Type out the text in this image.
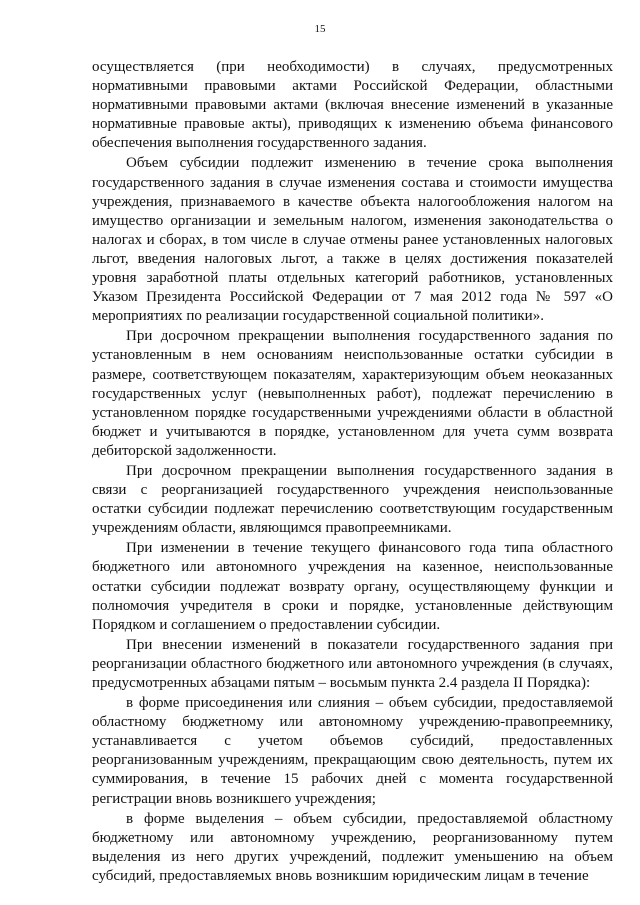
15

осуществляется (при необходимости) в случаях, предусмотренных нормативными правовыми актами Российской Федерации, областными нормативными правовыми актами (включая внесение изменений в указанные нормативные правовые акты), приводящих к изменению объема финансового обеспечения выполнения государственного задания.

Объем субсидии подлежит изменению в течение срока выполнения государственного задания в случае изменения состава и стоимости имущества учреждения, признаваемого в качестве объекта налогообложения налогом на имущество организации и земельным налогом, изменения законодательства о налогах и сборах, в том числе в случае отмены ранее установленных налоговых льгот, введения налоговых льгот, а также в целях достижения показателей уровня заработной платы отдельных категорий работников, установленных Указом Президента Российской Федерации от 7 мая 2012 года № 597 «О мероприятиях по реализации государственной социальной политики».

При досрочном прекращении выполнения государственного задания по установленным в нем основаниям неиспользованные остатки субсидии в размере, соответствующем показателям, характеризующим объем неоказанных государственных услуг (невыполненных работ), подлежат перечислению в установленном порядке государственными учреждениями области в областной бюджет и учитываются в порядке, установленном для учета сумм возврата дебиторской задолженности.

При досрочном прекращении выполнения государственного задания в связи с реорганизацией государственного учреждения неиспользованные остатки субсидии подлежат перечислению соответствующим государственным учреждениям области, являющимся правопреемниками.

При изменении в течение текущего финансового года типа областного бюджетного или автономного учреждения на казенное, неиспользованные остатки субсидии подлежат возврату органу, осуществляющему функции и полномочия учредителя в сроки и порядке, установленные действующим Порядком и соглашением о предоставлении субсидии.

При внесении изменений в показатели государственного задания при реорганизации областного бюджетного или автономного учреждения (в случаях, предусмотренных абзацами пятым – восьмым пункта 2.4 раздела II Порядка):

в форме присоединения или слияния – объем субсидии, предоставляемой областному бюджетному или автономному учреждению-правопреемнику, устанавливается с учетом объемов субсидий, предоставленных реорганизованным учреждениям, прекращающим свою деятельность, путем их суммирования, в течение 15 рабочих дней с момента государственной регистрации вновь возникшего учреждения;

в форме выделения – объем субсидии, предоставляемой областному бюджетному или автономному учреждению, реорганизованному путем выделения из него других учреждений, подлежит уменьшению на объем субсидий, предоставляемых вновь возникшим юридическим лицам в течение
